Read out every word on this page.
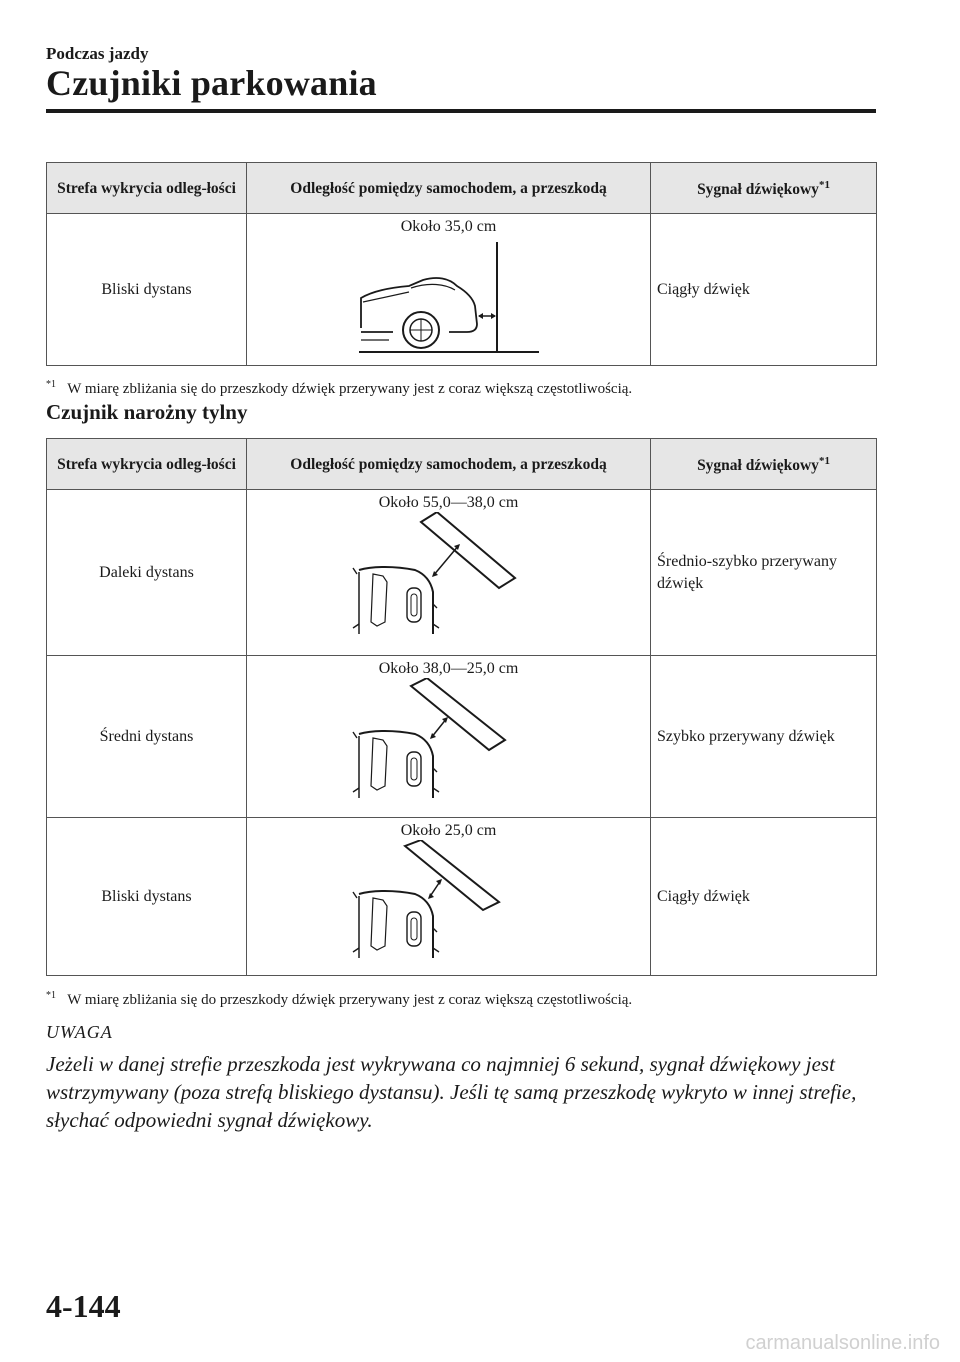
Podczas jazdy
Czujniki parkowania
Strefa wykrycia odleg-łości	Odległość pomiędzy samochodem, a przeszkodą	Sygnał dźwiękowy$^{*1}$
Bliski dystans	Około 35,0 cm	Ciągły dźwięk
$^{*1}$ W miarę zbliżania się do przeszkody dźwięk przerywany jest z coraz większą częstotliwością.
Czujnik narożny tylny
Strefa wykrycia odleg-łości	Odległość pomiędzy samochodem, a przeszkodą	Sygnał dźwiękowy$^{*1}$
Daleki dystans	Około 55,0—38,0 cm	Średnio-szybko przerywany dźwięk
Średni dystans	Około 38,0—25,0 cm	Szybko przerywany dźwięk
Bliski dystans	Około 25,0 cm	Ciągły dźwięk
$^{*1}$ W miarę zbliżania się do przeszkody dźwięk przerywany jest z coraz większą częstotliwością.
UWAGA
Jeżeli w danej strefie przeszkoda jest wykrywana co najmniej 6 sekund, sygnał dźwiękowy jest wstrzymywany (poza strefą bliskiego dystansu). Jeśli tę samą przeszkodę wykryto w innej strefie, słychać odpowiedni sygnał dźwiękowy.
4-144
carmanualsonline.info
